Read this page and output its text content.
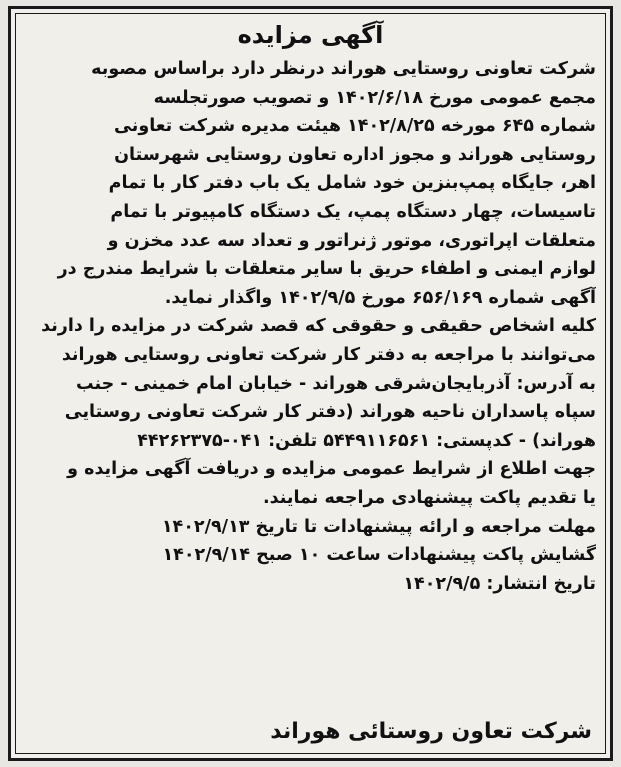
آگهی مزایده
شرکت تعاونی روستایی هوراند درنظر دارد براساس مصوبه
مجمع عمومی مورخ ۱۴۰۲/۶/۱۸ و تصویب صورتجلسه
شماره ۶۴۵ مورخه ۱۴۰۲/۸/۲۵ هیئت مدیره شرکت تعاونی
روستایی هوراند و مجوز اداره تعاون روستایی شهرستان
اهر، جایگاه پمپ‌بنزین خود شامل یک باب دفتر کار با تمام
تاسیسات، چهار دستگاه پمپ، یک دستگاه کامپیوتر با تمام
متعلقات اپراتوری، موتور ژنراتور و تعداد سه عدد مخزن و
لوازم ایمنی و اطفاء حریق با سایر متعلقات با شرایط مندرج در
آگهی شماره ۶۵۶/۱۶۹ مورخ ۱۴۰۲/۹/۵ واگذار نماید.
کلیه اشخاص حقیقی و حقوقی که قصد شرکت در مزایده را دارند
می‌توانند با مراجعه به دفتر کار شرکت تعاونی روستایی هوراند
به آدرس: آذربایجان‌شرقی هوراند - خیابان امام خمینی - جنب
سپاه پاسداران ناحیه هوراند (دفتر کار شرکت تعاونی روستایی
هوراند) - کدپستی: ۵۴۴۹۱۱۶۵۶۱ تلفن: ۰۴۱-۴۴۲۶۲۳۷۵
جهت اطلاع از شرایط عمومی مزایده و دریافت آگهی مزایده و
یا تقدیم پاکت پیشنهادی مراجعه نمایند.
مهلت مراجعه و ارائه پیشنهادات تا تاریخ ۱۴۰۲/۹/۱۳
گشایش پاکت پیشنهادات ساعت ۱۰ صبح ۱۴۰۲/۹/۱۴
تاریخ انتشار: ۱۴۰۲/۹/۵
شرکت تعاون روستائی هوراند
